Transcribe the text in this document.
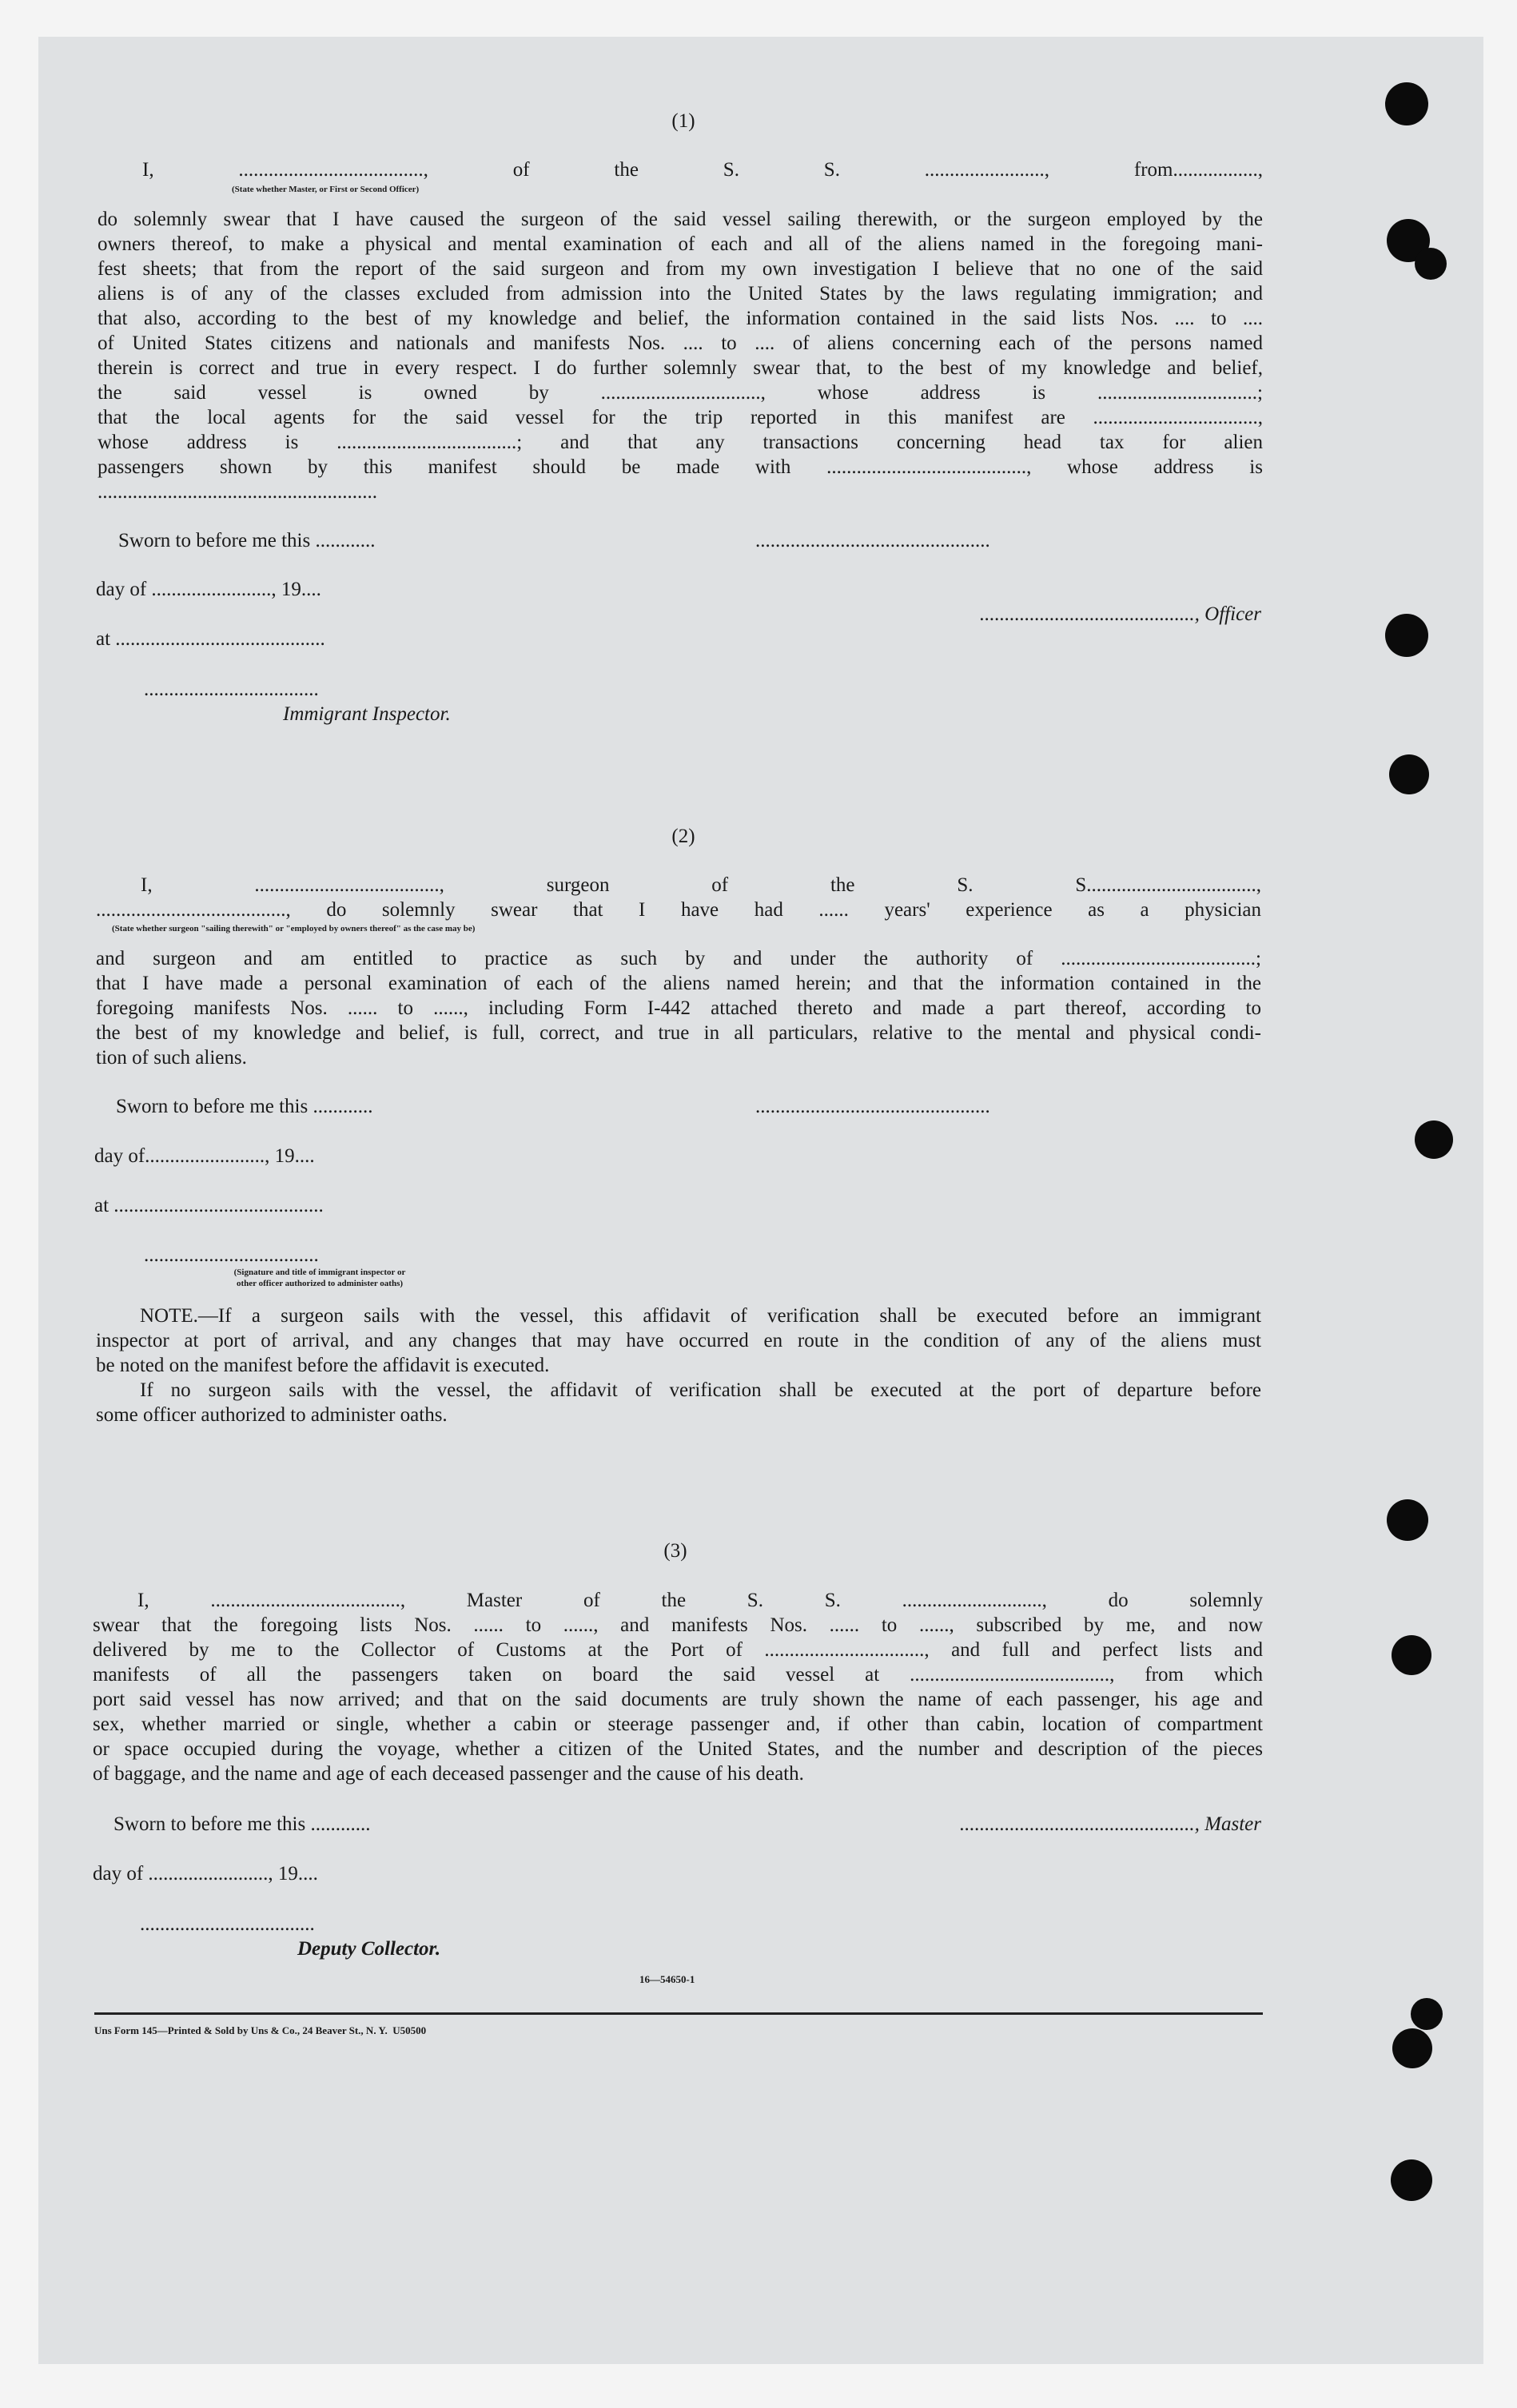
(1)
I, ....................................., of the S. S. ........................, from.................,
(State whether Master, or First or Second Officer)
do solemnly swear that I have caused the surgeon of the said vessel sailing therewith, or the surgeon employed by the
owners thereof, to make a physical and mental examination of each and all of the aliens named in the foregoing mani-
fest sheets; that from the report of the said surgeon and from my own investigation I believe that no one of the said
aliens is of any of the classes excluded from admission into the United States by the laws regulating immigration; and
that also, according to the best of my knowledge and belief, the information contained in the said lists Nos. .... to ....
of United States citizens and nationals and manifests Nos. .... to .... of aliens concerning each of the persons named
therein is correct and true in every respect. I do further solemnly swear that, to the best of my knowledge and belief,
the said vessel is owned by ................................, whose address is ................................;
that the local agents for the said vessel for the trip reported in this manifest are .................................,
whose address is ....................................; and that any transactions concerning head tax for alien
passengers shown by this manifest should be made with ........................................, whose address is
........................................................
Sworn to before me this ............	...............................................
day of ........................, 19....
..........................................., Officer
at ..........................................
...................................
Immigrant Inspector.
(2)
I, ....................................., surgeon of the S. S..................................,
......................................, do solemnly swear that I have had ...... years' experience as a physician
(State whether surgeon "sailing therewith" or "employed by owners thereof" as the case may be)
and surgeon and am entitled to practice as such by and under the authority of .......................................;
that I have made a personal examination of each of the aliens named herein; and that the information contained in the
foregoing manifests Nos. ...... to ......, including Form I-442 attached thereto and made a part thereof, according to
the best of my knowledge and belief, is full, correct, and true in all particulars, relative to the mental and physical condi-
tion of such aliens.
Sworn to before me this ............	...............................................
day of........................, 19....
at ..........................................
...................................
(Signature and title of immigrant inspector or
other officer authorized to administer oaths)
NOTE.—If a surgeon sails with the vessel, this affidavit of verification shall be executed before an immigrant
inspector at port of arrival, and any changes that may have occurred en route in the condition of any of the aliens must
be noted on the manifest before the affidavit is executed.
If no surgeon sails with the vessel, the affidavit of verification shall be executed at the port of departure before
some officer authorized to administer oaths.
(3)
I, ......................................, Master of the S. S. ............................, do solemnly
swear that the foregoing lists Nos. ...... to ......, and manifests Nos. ...... to ......, subscribed by me, and now
delivered by me to the Collector of Customs at the Port of ................................, and full and perfect lists and
manifests of all the passengers taken on board the said vessel at ........................................, from which
port said vessel has now arrived; and that on the said documents are truly shown the name of each passenger, his age and
sex, whether married or single, whether a cabin or steerage passenger and, if other than cabin, location of compartment
or space occupied during the voyage, whether a citizen of the United States, and the number and description of the pieces
of baggage, and the name and age of each deceased passenger and the cause of his death.
Sworn to before me this ............	..............................................., Master
day of ........................, 19....
...................................
Deputy Collector.
16—54650-1
Uns Form 145—Printed & Sold by Uns & Co., 24 Beaver St., N. Y.  U50500
